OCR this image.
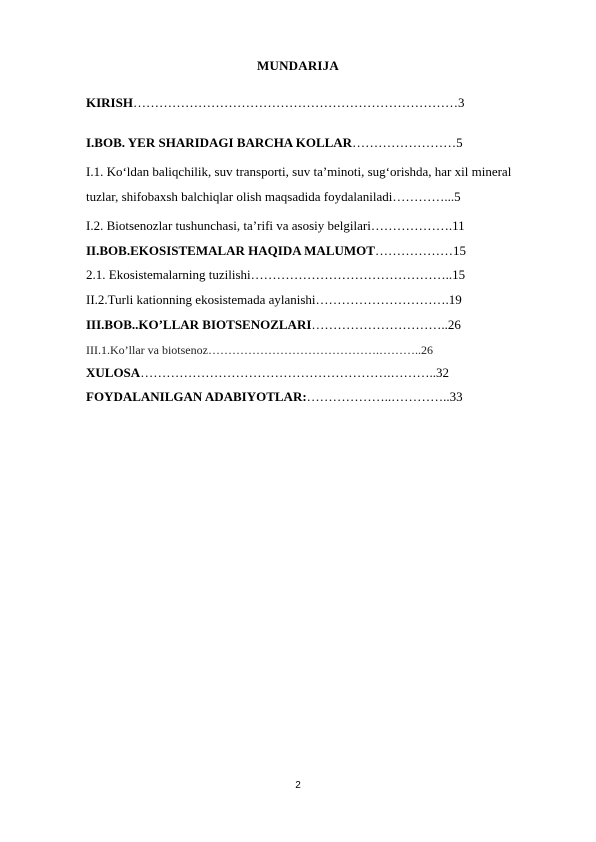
MUNDARIJA
KIRISH…………………………………………………………………3
I.BOB. YER SHARIDAGI BARCHA KOLLAR……………………5
I.1. Ko‘ldan baliqchilik, suv transporti, suv ta’minoti, sug‘orishda, har xil mineral
tuzlar, shifobaxsh balchiqlar olish maqsadida foydalaniladi…………...5
I.2. Biotsenozlar tushunchasi, ta’rifi va asosiy belgilari……………….11
II.BOB.EKOSISTEMALAR HAQIDA MALUMOT………………15
2.1. Ekosistemalarning tuzilishi………………………………………..15
II.2.Turli kationning ekosistemada aylanishi………………………….19
III.BOB..KO’LLAR BIOTSENOZLARI…………………………..26
III.1.Ko’llar va biotsenoz…………………………………….………..26
XULOSA………………………………………………….………..32
FOYDALANILGAN ADABIYOTLAR:………………..…………..33
2
